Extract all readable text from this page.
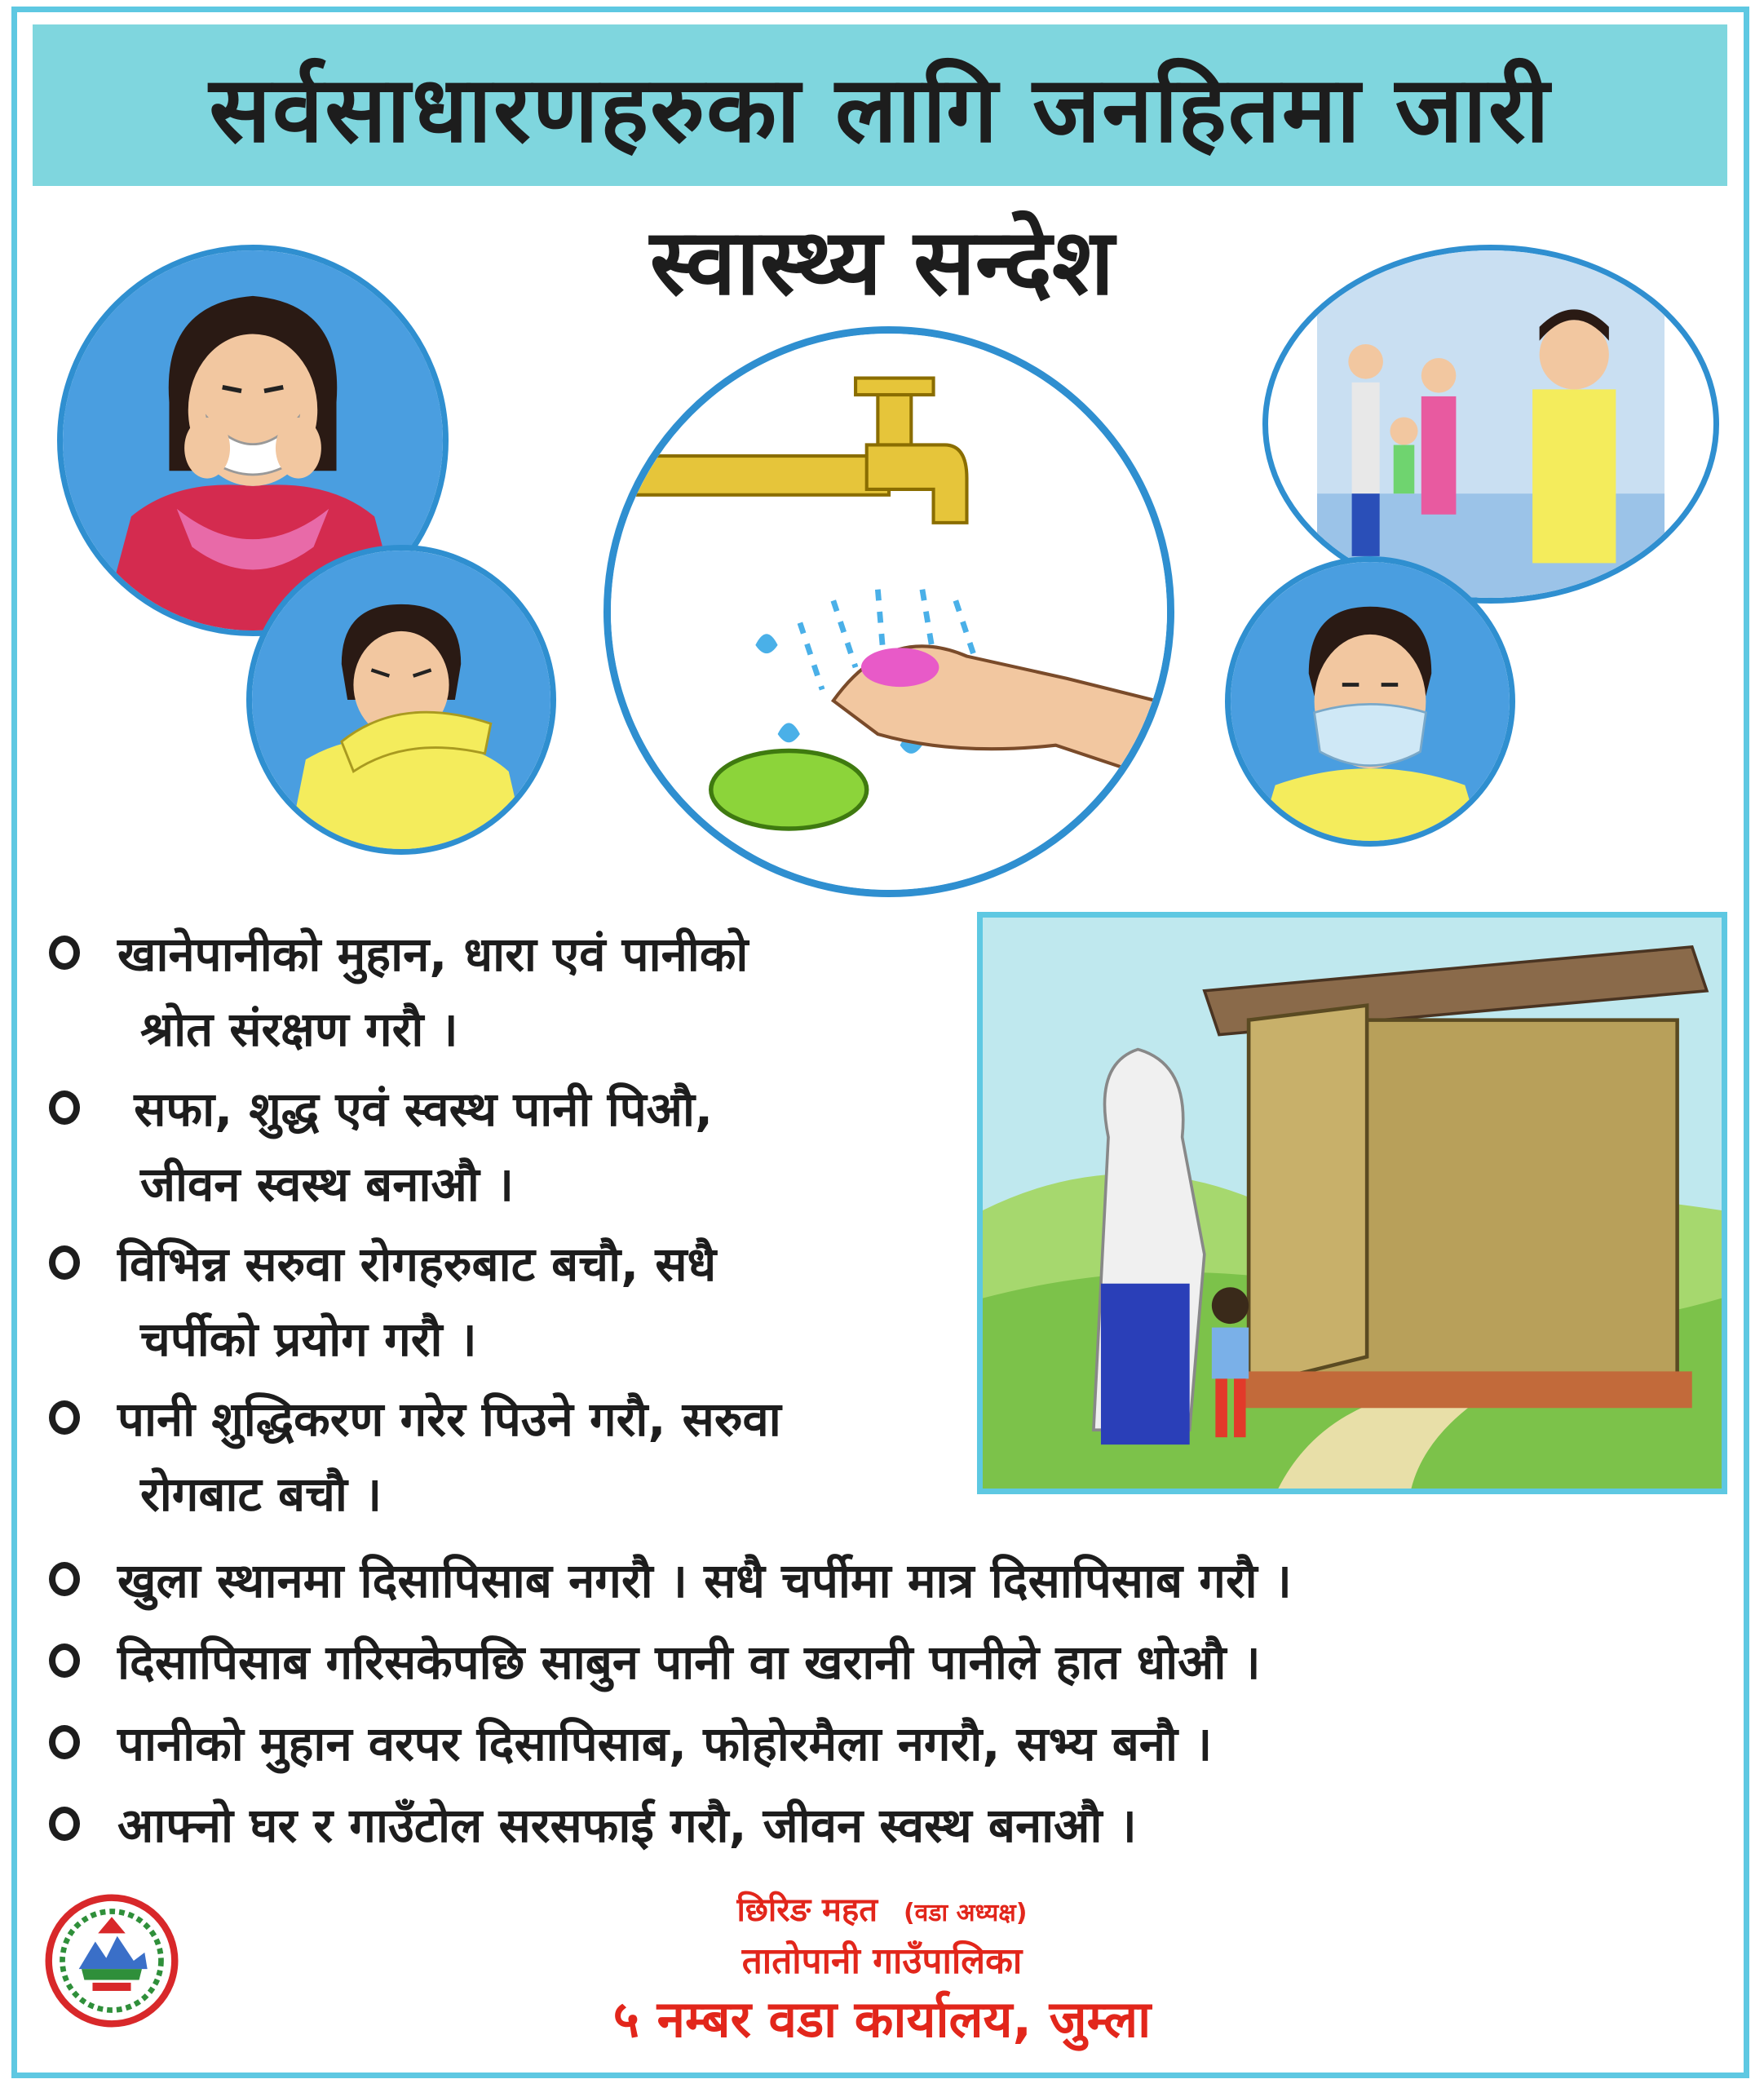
सर्वसाधारणहरुका लागि जनहितमा जारी
स्वास्थ्य सन्देश
खानेपानीको मुहान, धारा एवं पानीको
श्रोत संरक्षण गरौ ।
सफा, शुद्ध एवं स्वस्थ पानी पिऔ,
जीवन स्वस्थ बनाऔ ।
विभिन्न सरुवा रोगहरुबाट बचौ, सधै
चर्पीको प्रयोग गरौ ।
पानी शुद्धिकरण गरेर पिउने गरौ, सरुवा
रोगबाट बचौ ।
खुला स्थानमा दिसापिसाब नगरौ । सधै चर्पीमा मात्र दिसापिसाब गरौ ।
दिसापिसाब गरिसकेपछि साबुन पानी वा खरानी पानीले हात धोऔ ।
पानीको मुहान वरपर दिसापिसाब, फोहोरमैला नगरौ, सभ्य बनौ ।
आफ्नो घर र गाउँटोल सरसफाई गरौ, जीवन स्वस्थ बनाऔ ।
छिरिङ महत (वडा अध्यक्ष)
तातोपानी गाउँपालिका
५ नम्बर वडा कार्यालय, जुम्ला
